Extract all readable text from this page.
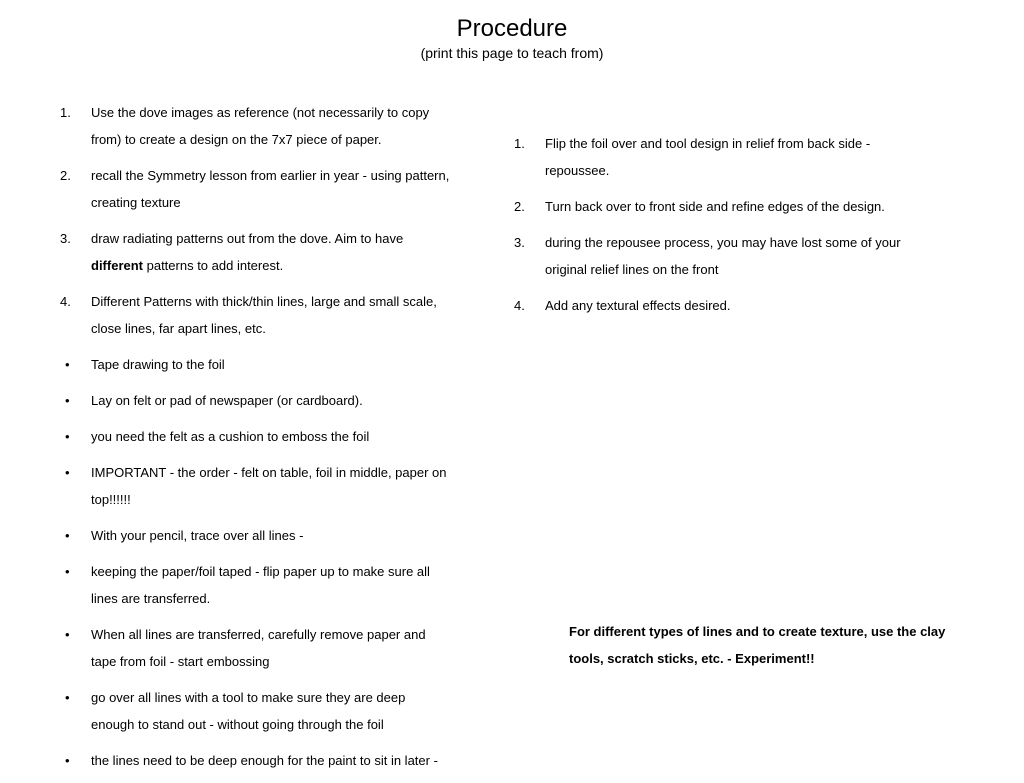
Procedure
(print this page to teach from)
1. Use the dove images as reference (not necessarily to copy from) to create a design on the 7x7 piece of paper.
2. recall the Symmetry lesson from earlier in year - using pattern, creating texture
3. draw radiating patterns out from the dove. Aim to have different patterns to add interest.
4. Different Patterns with thick/thin lines, large and small scale, close lines, far apart lines, etc.
• Tape drawing to the foil
• Lay on felt or pad of newspaper (or cardboard).
• you need the felt as a cushion to emboss the foil
• IMPORTANT - the order - felt on table, foil in middle, paper on top!!!!!!
• With your pencil, trace over all lines -
• keeping the paper/foil taped - flip paper up to make sure all lines are transferred.
• When all lines are transferred, carefully remove paper and tape from foil - start embossing
• go over all lines with a tool to make sure they are deep enough to stand out - without going through the foil
• the lines need to be deep enough for the paint to sit in later -
1. Flip the foil over and tool design in relief from back side - repoussee.
2. Turn back over to front side and refine edges of the design.
3. during the repousee process, you may have lost some of your original relief lines on the front
4. Add any textural effects desired.
For different types of lines and to create texture, use the clay tools, scratch sticks, etc. - Experiment!!
